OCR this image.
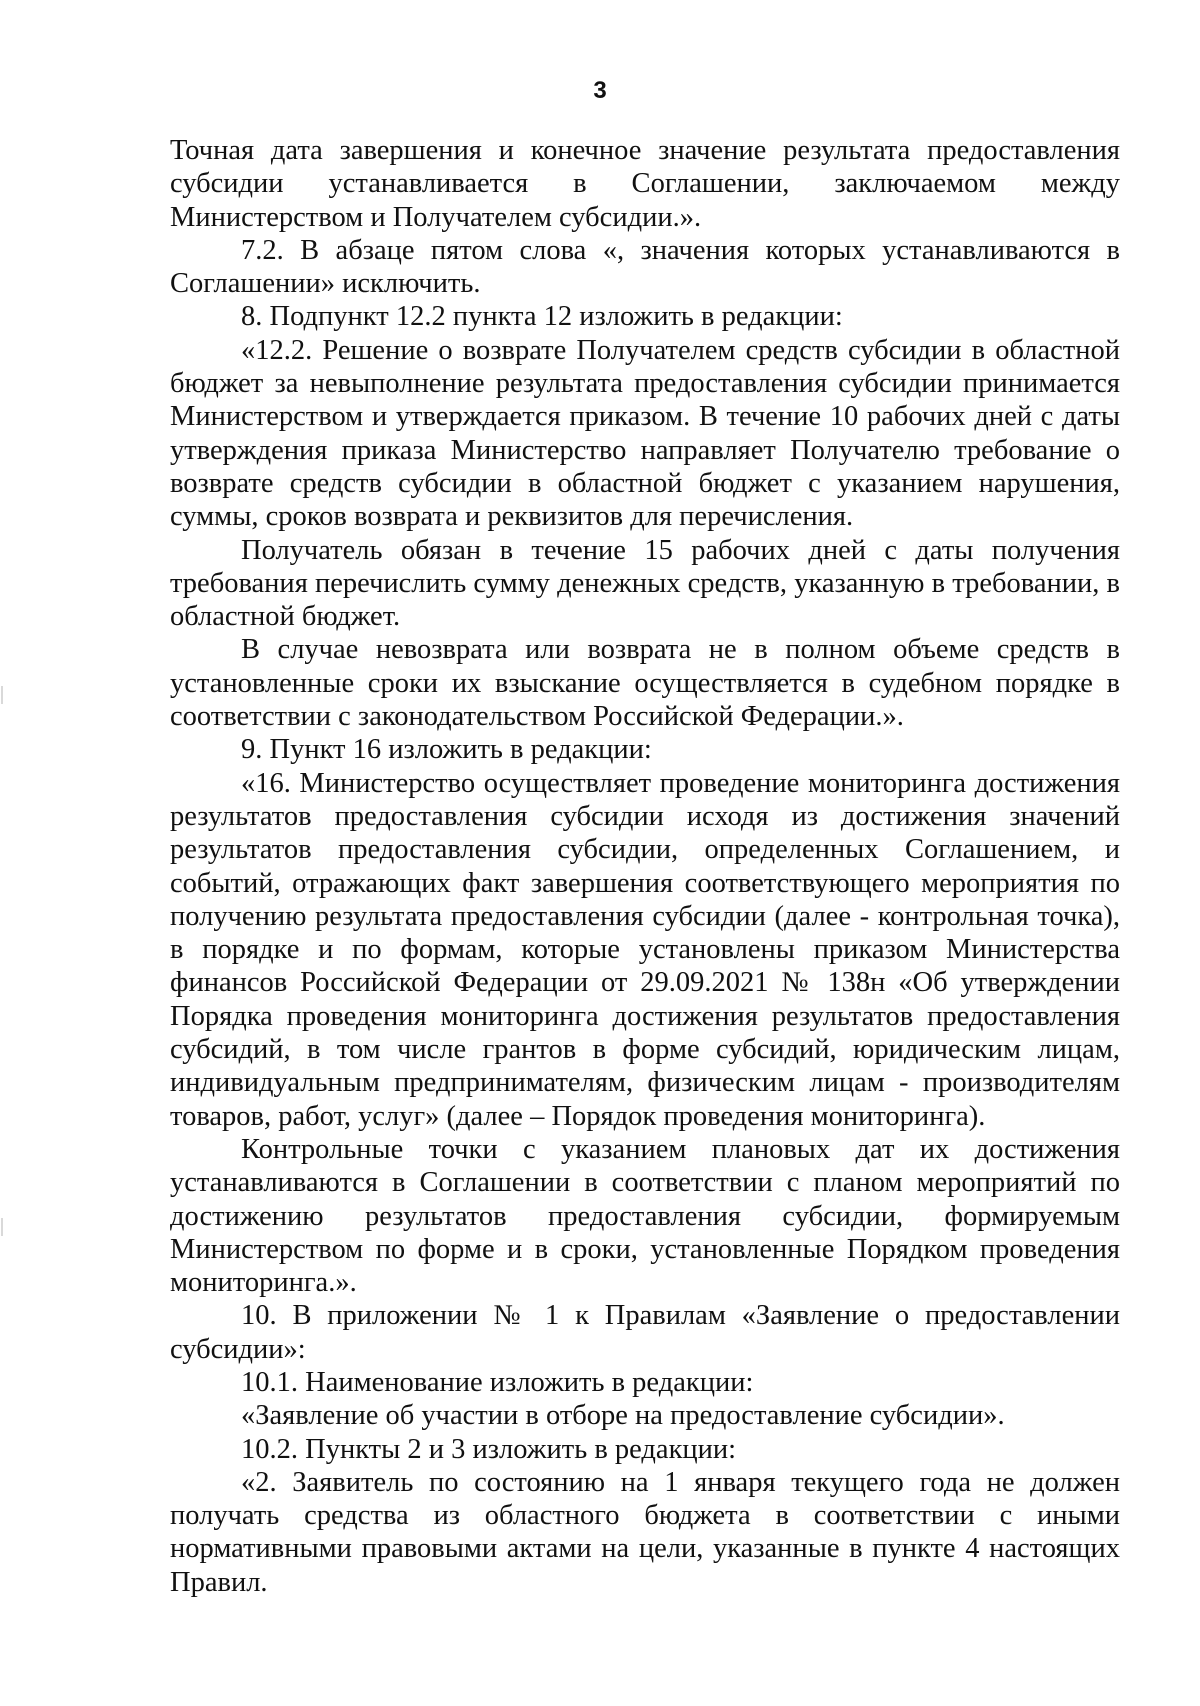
3

Точная дата завершения и конечное значение результата предоставления субсидии устанавливается в Соглашении, заключаемом между Министерством и Получателем субсидии.».

7.2. В абзаце пятом слова «, значения которых устанавливаются в Соглашении» исключить.

8. Подпункт 12.2 пункта 12 изложить в редакции:

«12.2. Решение о возврате Получателем средств субсидии в областной бюджет за невыполнение результата предоставления субсидии принимается Министерством и утверждается приказом. В течение 10 рабочих дней с даты утверждения приказа Министерство направляет Получателю требование о возврате средств субсидии в областной бюджет с указанием нарушения, суммы, сроков возврата и реквизитов для перечисления.

Получатель обязан в течение 15 рабочих дней с даты получения требования перечислить сумму денежных средств, указанную в требовании, в областной бюджет.

В случае невозврата или возврата не в полном объеме средств в установленные сроки их взыскание осуществляется в судебном порядке в соответствии с законодательством Российской Федерации.».

9. Пункт 16 изложить в редакции:

«16. Министерство осуществляет проведение мониторинга достижения результатов предоставления субсидии исходя из достижения значений результатов предоставления субсидии, определенных Соглашением, и событий, отражающих факт завершения соответствующего мероприятия по получению результата предоставления субсидии (далее - контрольная точка), в порядке и по формам, которые установлены приказом Министерства финансов Российской Федерации от 29.09.2021 № 138н «Об утверждении Порядка проведения мониторинга достижения результатов предоставления субсидий, в том числе грантов в форме субсидий, юридическим лицам, индивидуальным предпринимателям, физическим лицам - производителям товаров, работ, услуг» (далее – Порядок проведения мониторинга).

Контрольные точки с указанием плановых дат их достижения устанавливаются в Соглашении в соответствии с планом мероприятий по достижению результатов предоставления субсидии, формируемым Министерством по форме и в сроки, установленные Порядком проведения мониторинга.».

10. В приложении № 1 к Правилам «Заявление о предоставлении субсидии»:

10.1. Наименование изложить в редакции:

«Заявление об участии в отборе на предоставление субсидии».

10.2. Пункты 2 и 3 изложить в редакции:

«2. Заявитель по состоянию на 1 января текущего года не должен получать средства из областного бюджета в соответствии с иными нормативными правовыми актами на цели, указанные в пункте 4 настоящих Правил.
